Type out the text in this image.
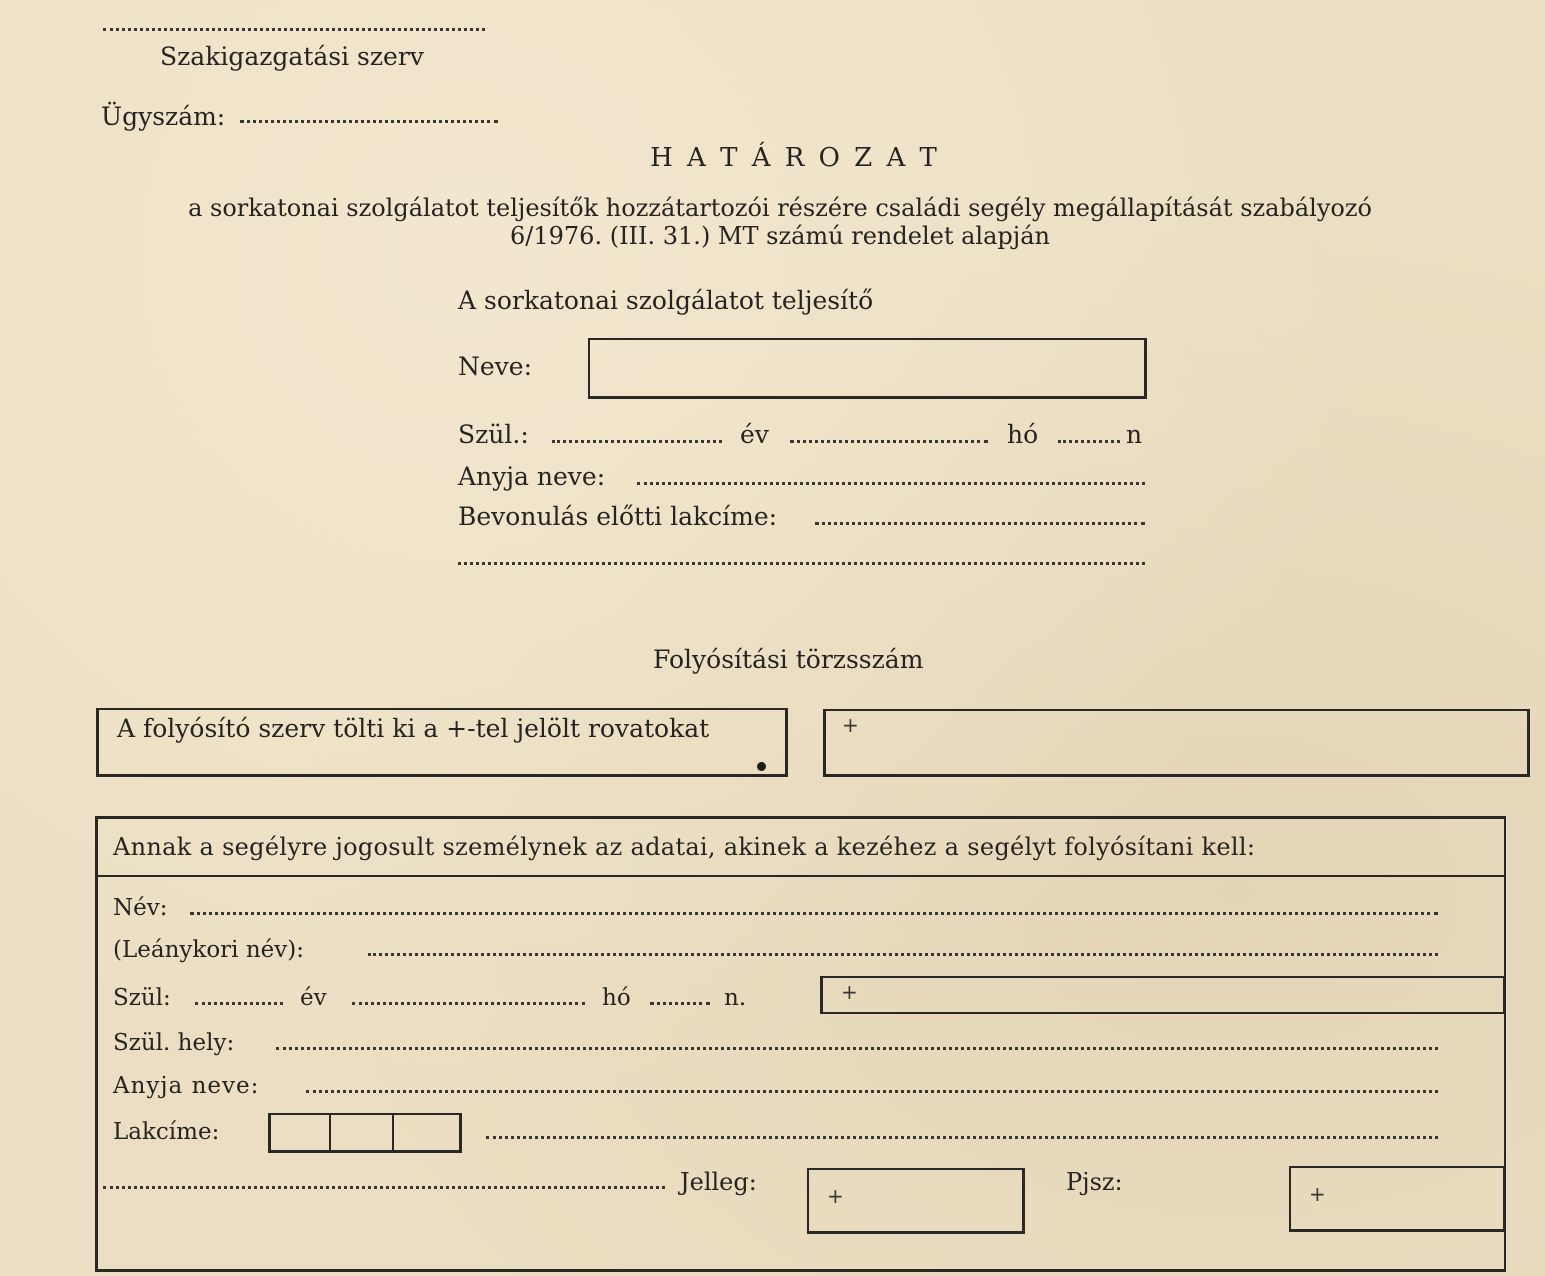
Szakigazgatási szerv
Ügyszám:
H A T Á R O Z A T
a sorkatonai szolgálatot teljesítők hozzátartozói részére családi segély megállapítását szabályozó
6/1976. (III. 31.) MT számú rendelet alapján
A sorkatonai szolgálatot teljesítő
Neve:
Szül.:	év	hó	n
Anyja neve:
Bevonulás előtti lakcíme:
Folyósítási törzsszám
A folyósító szerv tölti ki a +-tel jelölt rovatokat	+
Annak a segélyre jogosult személynek az adatai, akinek a kezéhez a segélyt folyósítani kell:
Név:
(Leánykori név):
Szül:	év	hó	n.	+
Szül. hely:
Anyja neve:
Lakcíme:
Jelleg:	+	Pjsz:	+
